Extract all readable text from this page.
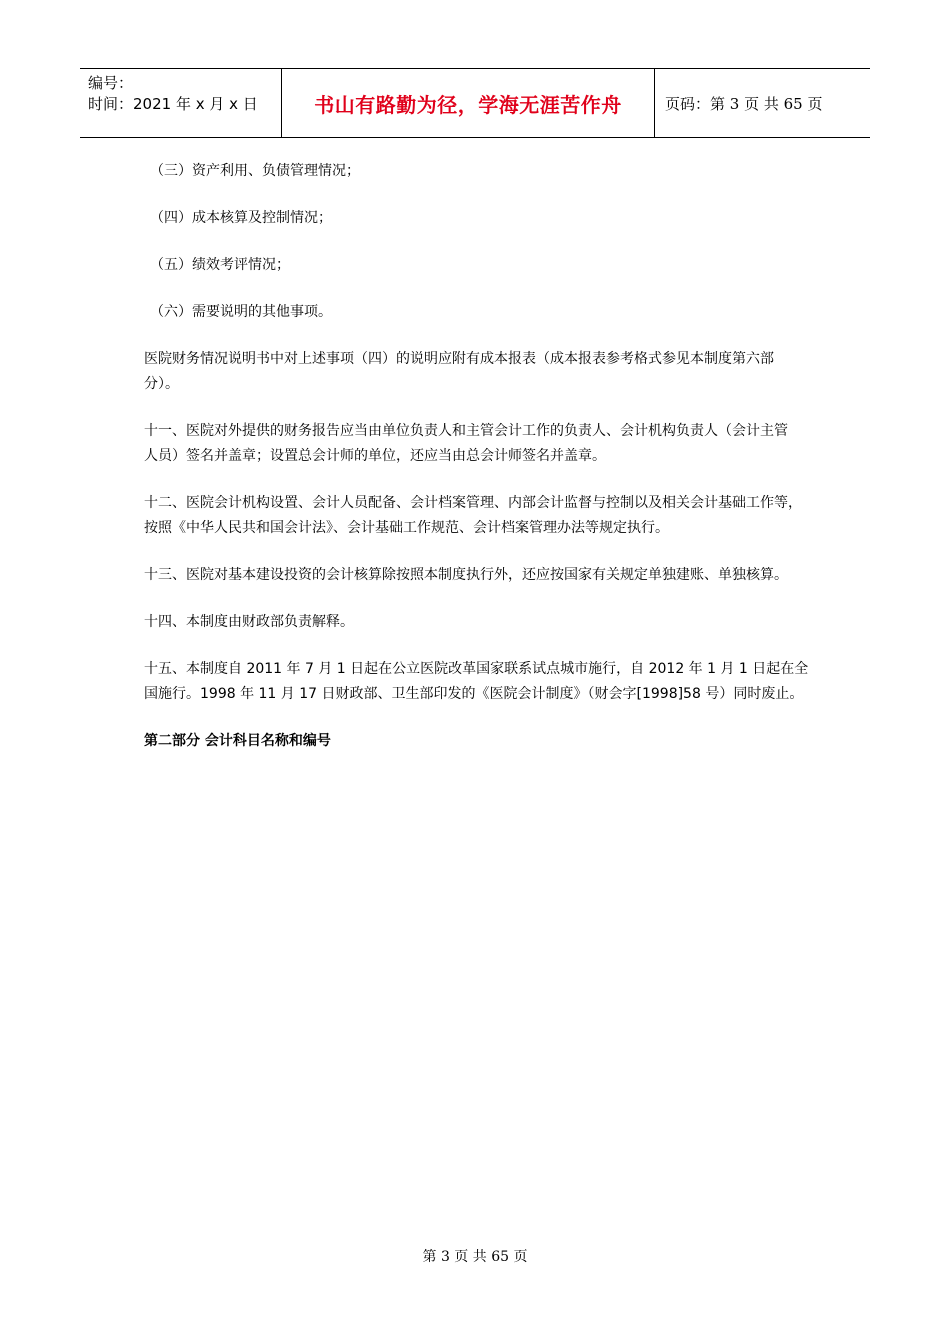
编号：
时间：2021 年 x 月 x 日	书山有路勤为径，学海无涯苦作舟	页码：第 3 页 共 65 页

（三）资产利用、负债管理情况；

（四）成本核算及控制情况；

（五）绩效考评情况；

（六）需要说明的其他事项。

医院财务情况说明书中对上述事项（四）的说明应附有成本报表（成本报表参考格式参见本制度第六部

分）。

十一、医院对外提供的财务报告应当由单位负责人和主管会计工作的负责人、会计机构负责人（会计主管

人员）签名并盖章；设置总会计师的单位，还应当由总会计师签名并盖章。

十二、医院会计机构设置、会计人员配备、会计档案管理、内部会计监督与控制以及相关会计基础工作等，

按照《中华人民共和国会计法》、会计基础工作规范、会计档案管理办法等规定执行。

十三、医院对基本建设投资的会计核算除按照本制度执行外，还应按国家有关规定单独建账、单独核算。

十四、本制度由财政部负责解释。

十五、本制度自 2011 年 7 月 1 日起在公立医院改革国家联系试点城市施行，自 2012 年 1 月 1 日起在全

国施行。1998 年 11 月 17 日财政部、卫生部印发的《医院会计制度》（财会字[1998]58 号）同时废止。

第二部分 会计科目名称和编号

第 3 页 共 65 页
